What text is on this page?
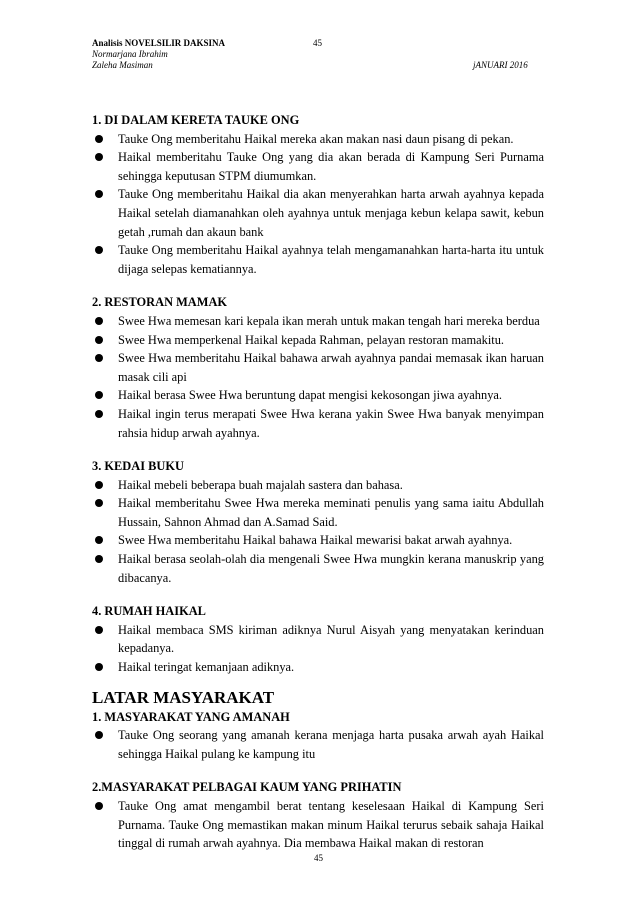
Analisis NOVELSILIR DAKSINA	45
Normarjana Ibrahim
Zaleha Masiman	jANUARI 2016

1. DI DALAM KERETA TAUKE ONG

Tauke Ong memberitahu Haikal mereka akan makan nasi daun pisang di pekan.
Haikal memberitahu Tauke Ong yang dia akan berada di Kampung Seri Purnama sehingga keputusan STPM diumumkan.
Tauke Ong memberitahu Haikal dia akan menyerahkan harta arwah ayahnya kepada Haikal setelah diamanahkan oleh ayahnya untuk menjaga kebun kelapa sawit, kebun getah ,rumah dan akaun bank
Tauke Ong memberitahu Haikal ayahnya telah mengamanahkan harta-harta itu untuk dijaga selepas kematiannya.

2. RESTORAN MAMAK

Swee Hwa memesan kari kepala ikan merah untuk makan tengah hari mereka berdua
Swee Hwa memperkenal Haikal kepada Rahman, pelayan restoran mamakitu.
Swee Hwa memberitahu Haikal bahawa arwah ayahnya pandai memasak ikan haruan masak cili api
Haikal berasa Swee Hwa beruntung dapat mengisi kekosongan jiwa ayahnya.
Haikal ingin terus merapati Swee Hwa kerana yakin Swee Hwa banyak menyimpan rahsia hidup arwah ayahnya.

3. KEDAI BUKU

Haikal mebeli beberapa buah majalah sastera dan bahasa.
Haikal memberitahu Swee Hwa mereka meminati penulis yang sama iaitu Abdullah Hussain, Sahnon Ahmad dan A.Samad Said.
Swee Hwa memberitahu Haikal bahawa Haikal mewarisi bakat arwah ayahnya.
Haikal berasa seolah-olah dia mengenali Swee Hwa mungkin kerana manuskrip yang dibacanya.

4. RUMAH HAIKAL

Haikal membaca SMS kiriman adiknya Nurul Aisyah yang menyatakan kerinduan kepadanya.
Haikal teringat kemanjaan adiknya.

LATAR MASYARAKAT

1. MASYARAKAT YANG AMANAH

Tauke Ong seorang yang amanah kerana menjaga harta pusaka arwah ayah Haikal sehingga Haikal pulang ke kampung itu

2.MASYARAKAT PELBAGAI KAUM YANG PRIHATIN

Tauke Ong amat mengambil berat tentang keselesaan Haikal di Kampung Seri Purnama. Tauke Ong memastikan makan minum Haikal terurus sebaik sahaja Haikal tinggal di rumah arwah ayahnya. Dia membawa Haikal makan di restoran
45
